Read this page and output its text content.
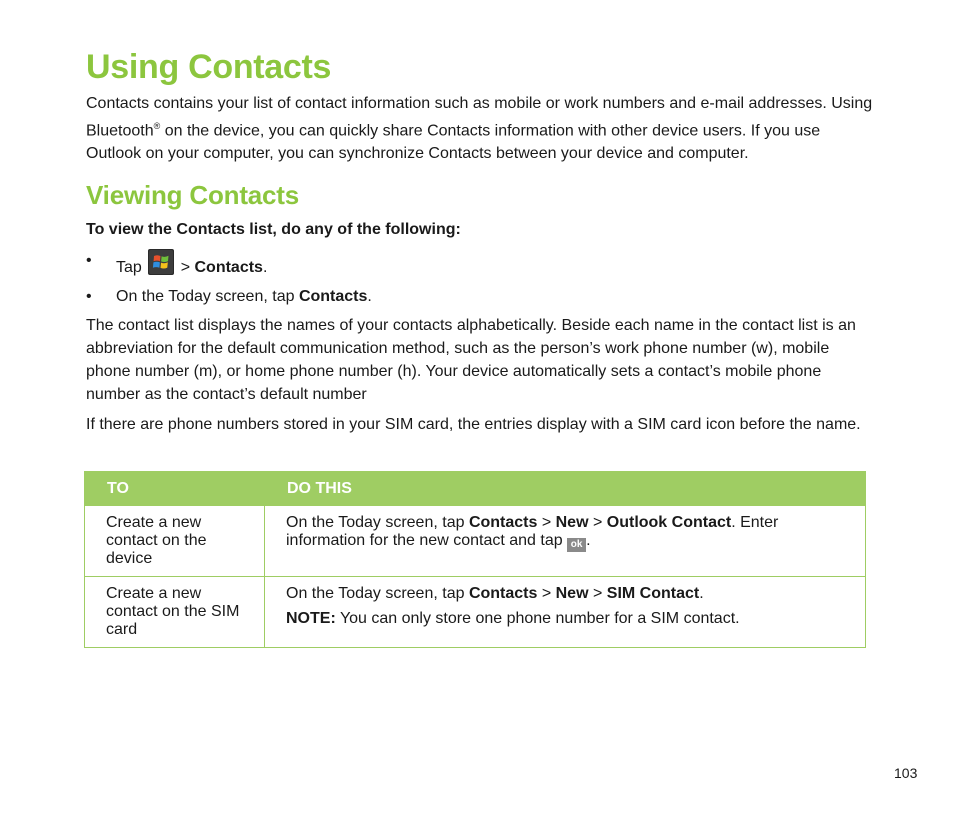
Using Contacts

Contacts contains your list of contact information such as mobile or work numbers and e-mail addresses. Using Bluetooth® on the device, you can quickly share Contacts information with other device users. If you use Outlook on your computer, you can synchronize Contacts between your device and computer.

Viewing Contacts

To view the Contacts list, do any of the following:

• Tap  > Contacts.
• On the Today screen, tap Contacts.

The contact list displays the names of your contacts alphabetically. Beside each name in the contact list is an abbreviation for the default communication method, such as the person’s work phone number (w), mobile phone number (m), or home phone number (h). Your device automatically sets a contact’s mobile phone number as the contact’s default number

If there are phone numbers stored in your SIM card, the entries display with a SIM card icon before the name.

TO	DO THIS
Create a new contact on the device	On the Today screen, tap Contacts > New > Outlook Contact. Enter information for the new contact and tap ok .
Create a new contact on the SIM card	On the Today screen, tap Contacts > New > SIM Contact.
NOTE: You can only store one phone number for a SIM contact.
103
